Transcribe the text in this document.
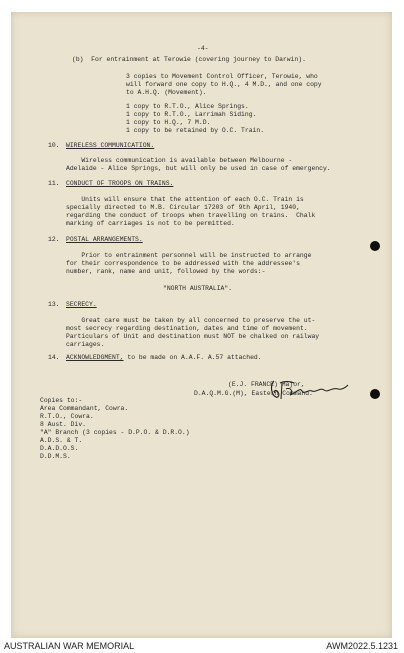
-4-
(b)  For entrainment at Terowie (covering journey to Darwin).
3 copies to Movement Control Officer, Terowie, who
will forward one copy to H.Q., 4 M.D., and one copy
to A.H.Q. (Movement).
1 copy to R.T.O., Alice Springs.
1 copy to R.T.O., Larrimah Siding.
1 copy to H.Q., 7 M.D.
1 copy to be retained by O.C. Train.
10. WIRELESS COMMUNICATION.
Wireless communication is available between Melbourne -
Adelaide - Alice Springs, but will only be used in case of emergency.
11. CONDUCT OF TROOPS ON TRAINS.
Units will ensure that the attention of each O.C. Train is
specially directed to M.B. Circular 17203 of 9th April, 1940,
regarding the conduct of troops when travelling on trains.  Chalk
marking of carriages is not to be permitted.
12. POSTAL ARRANGEMENTS.
Prior to entrainment personnel will be instructed to arrange
for their correspondence to be addressed with the addressee's
number, rank, name and unit, followed by the words:-
"NORTH AUSTRALIA".
13. SECRECY.
Great care must be taken by all concerned to preserve the ut-
most secrecy regarding destination, dates and time of movement.
Particulars of Unit and destination must NOT be chalked on railway
carriages.
14. ACKNOWLEDGMENT, to be made on A.A.F. A.57 attached.
(E.J. FRANCE) Major,
D.A.Q.M.G.(M), Eastern Command.
Copies to:-
Area Commandant, Cowra.
R.T.O., Cowra.
8 Aust. Div.
"A" Branch (3 copies - D.P.O. & D.R.O.)
A.D.S. & T.
D.A.D.O.S.
D.D.M.S.
AUSTRALIAN WAR MEMORIAL	AWM2022.5.1231
